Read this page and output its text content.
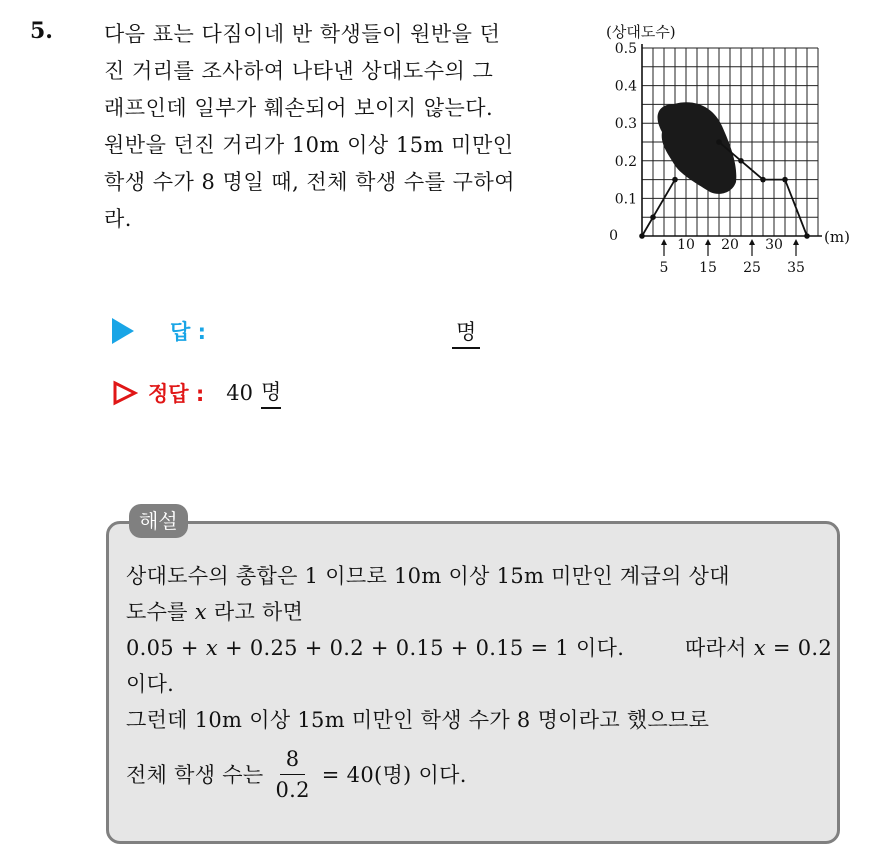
5. 다음 표는 다짐이네 반 학생들이 원반을 던
진 거리를 조사하여 나타낸 상대도수의 그
래프인데 일부가 훼손되어 보이지 않는다.
원반을 던진 거리가 10m 이상 15m 미만인
학생 수가 8 명일 때, 전체 학생 수를 구하여
라.
(상대도수)
0.5
0.4
0.3
0.2
0.1
0
10 20 30
5 15 25 35
(m)
답 :	명
정답 : 40 명
해설
상대도수의 총합은 1 이므로 10m 이상 15m 미만인 계급의 상대
도수를 x 라고 하면
0.05 + x + 0.25 + 0.2 + 0.15 + 0.15 = 1 이다.	따라서 x = 0.2
이다.
그런데 10m 이상 15m 미만인 학생 수가 8 명이라고 했으므로
전체 학생 수는 $\frac{8}{0.2} = 40$(명) 이다.
